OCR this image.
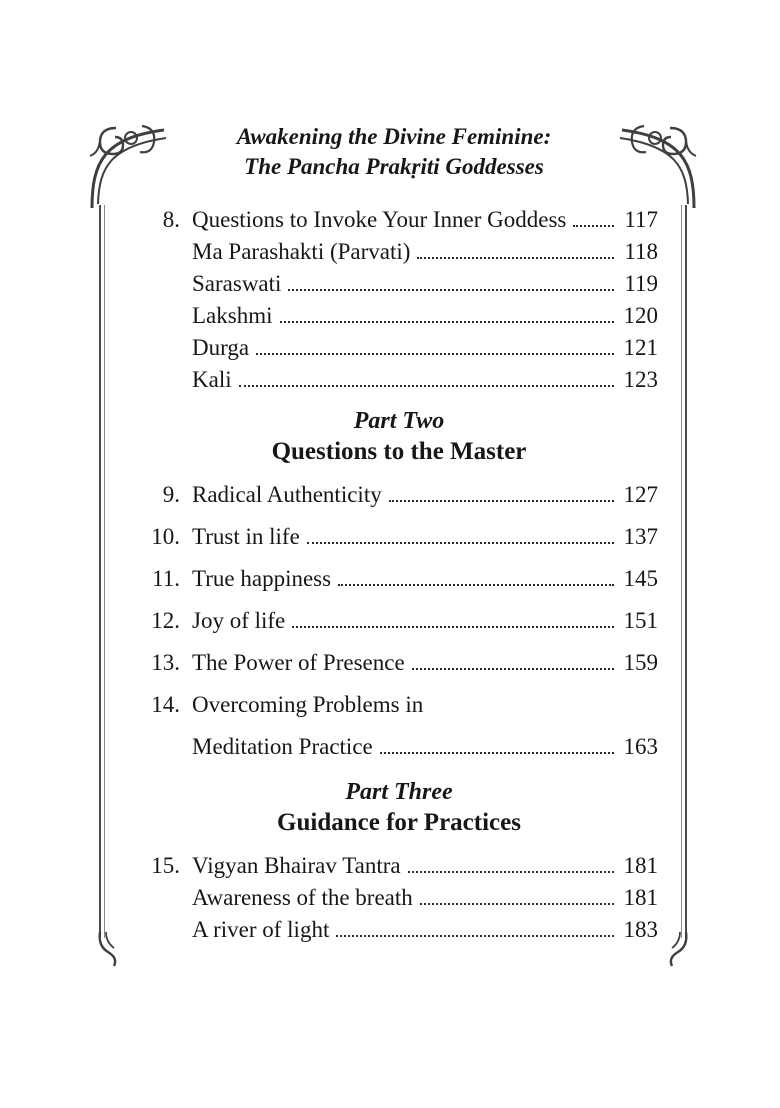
Awakening the Divine Feminine:
The Pancha Prakṛiti Goddesses
8. Questions to Invoke Your Inner Goddess	117
Ma Parashakti (Parvati)	118
Saraswati	119
Lakshmi	120
Durga	121
Kali	123
Part Two
Questions to the Master
9. Radical Authenticity	127
10. Trust in life	137
11. True happiness	145
12. Joy of life	151
13. The Power of Presence	159
14. Overcoming Problems in
Meditation Practice	163
Part Three
Guidance for Practices
15. Vigyan Bhairav Tantra	181
Awareness of the breath	181
A river of light	183
